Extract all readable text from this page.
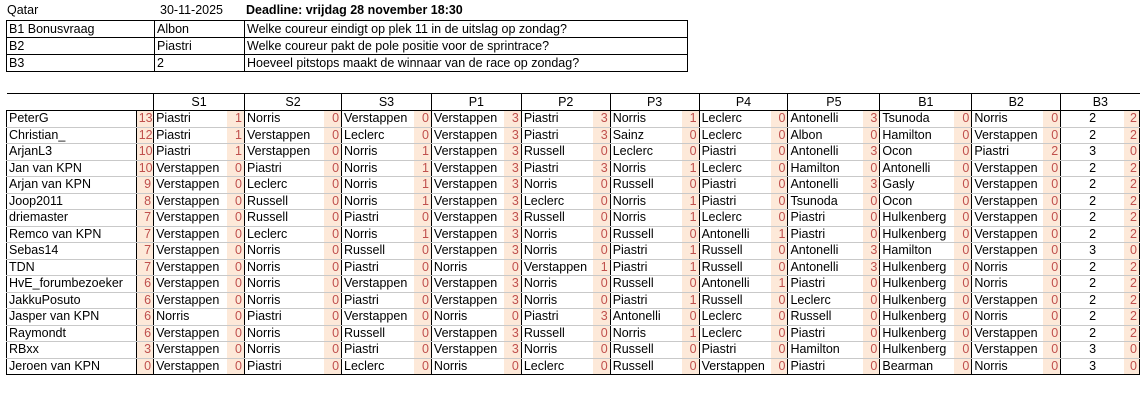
Qatar	30-11-2025 Deadline: vrijdag 28 november 18:30
B1 Bonusvraag	Albon	Welke coureur eindigt op plek 11 in de uitslag op zondag?
B2	Piastri	Welke coureur pakt de pole positie voor de sprintrace?
B3	2	Hoeveel pitstops maakt de winnaar van de race op zondag?
		S1		S2		S3		P1		P2		P3		P4		P5		B1		B2		B3	
PeterG	13	Piastri	1	Norris	0	Verstappen	0	Verstappen	3	Piastri	3	Norris	1	Leclerc	0	Antonelli	3	Tsunoda	0	Norris	0	2	2
Christian_	12	Piastri	1	Verstappen	0	Leclerc	0	Verstappen	3	Piastri	3	Sainz	0	Leclerc	0	Albon	0	Hamilton	0	Verstappen	0	2	2
ArjanL3	10	Piastri	1	Verstappen	0	Norris	1	Verstappen	3	Russell	0	Leclerc	0	Piastri	0	Antonelli	3	Ocon	0	Piastri	2	3	0
Jan van KPN	10	Verstappen	0	Piastri	0	Norris	1	Verstappen	3	Piastri	3	Norris	1	Leclerc	0	Hamilton	0	Antonelli	0	Verstappen	0	2	2
Arjan van KPN	9	Verstappen	0	Leclerc	0	Norris	1	Verstappen	3	Norris	0	Russell	0	Piastri	0	Antonelli	3	Gasly	0	Verstappen	0	2	2
Joop2011	8	Verstappen	0	Russell	0	Norris	1	Verstappen	3	Leclerc	0	Norris	1	Piastri	0	Tsunoda	0	Ocon	0	Verstappen	0	2	2
driemaster	7	Verstappen	0	Russell	0	Piastri	0	Verstappen	3	Russell	0	Norris	1	Leclerc	0	Piastri	0	Hulkenberg	0	Verstappen	0	2	2
Remco van KPN	7	Verstappen	0	Leclerc	0	Norris	1	Verstappen	3	Norris	0	Russell	0	Antonelli	1	Piastri	0	Hulkenberg	0	Verstappen	0	2	2
Sebas14	7	Verstappen	0	Norris	0	Russell	0	Verstappen	3	Norris	0	Piastri	1	Russell	0	Antonelli	3	Hamilton	0	Verstappen	0	3	0
TDN	7	Verstappen	0	Norris	0	Piastri	0	Norris	0	Verstappen	1	Piastri	1	Russell	0	Antonelli	3	Hulkenberg	0	Norris	0	2	2
HvE_forumbezoeker	6	Verstappen	0	Norris	0	Verstappen	0	Verstappen	3	Norris	0	Russell	0	Antonelli	1	Piastri	0	Hulkenberg	0	Norris	0	2	2
JakkuPosuto	6	Verstappen	0	Norris	0	Piastri	0	Verstappen	3	Norris	0	Piastri	1	Russell	0	Leclerc	0	Hulkenberg	0	Verstappen	0	2	2
Jasper van KPN	6	Norris	0	Piastri	0	Verstappen	0	Norris	0	Piastri	3	Antonelli	0	Leclerc	0	Russell	0	Hulkenberg	0	Norris	0	2	2
Raymondt	6	Verstappen	0	Norris	0	Russell	0	Verstappen	3	Russell	0	Norris	1	Leclerc	0	Piastri	0	Hulkenberg	0	Verstappen	0	2	2
RBxx	3	Verstappen	0	Norris	0	Piastri	0	Verstappen	3	Norris	0	Russell	0	Piastri	0	Hamilton	0	Hulkenberg	0	Verstappen	0	3	0
Jeroen van KPN	0	Verstappen	0	Piastri	0	Leclerc	0	Norris	0	Leclerc	0	Russell	0	Verstappen	0	Piastri	0	Bearman	0	Norris	0	3	0
